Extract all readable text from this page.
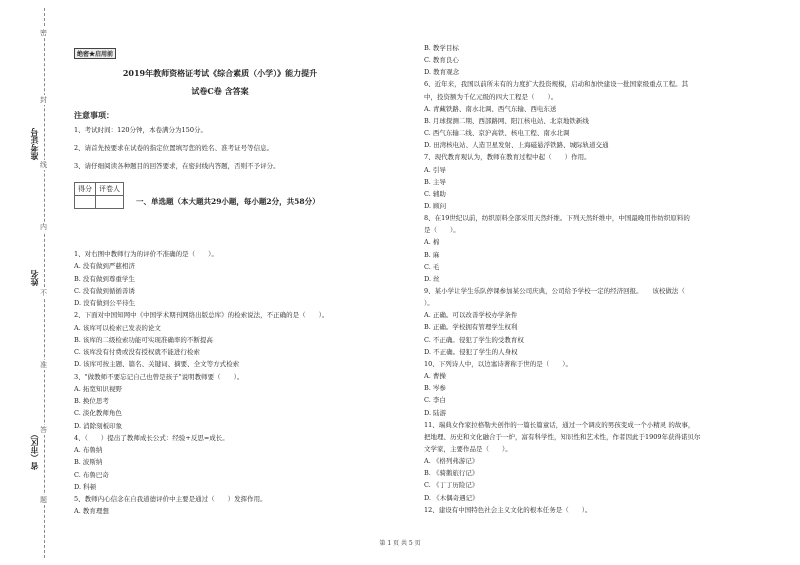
准考证号
姓名
省（市区）
密
封
线
内
不
准
答
题
绝密★启用前
2019年教师资格证考试《综合素质（小学）》能力提升
试卷C卷 含答案
注意事项：
1、考试时间：120分钟，本卷满分为150分。
2、请首先按要求在试卷的指定位置填写您的姓名、准考证号等信息。
3、请仔细阅读各种题目的回答要求，在密封线内答题，否则不予评分。
得分	评卷人

一、单选题（本大题共29小题，每小题2分，共58分）
1、对右图中教师行为的评价不准确的是（　　）。
A. 没有做到严慈相济
B. 没有做到尊重学生
C. 没有做到循循善诱
D. 没有做到公平待生
2、下面对中国知网中《中国学术期刊网络出版总库》的检索说法，不正确的是（　　）。
A. 该库可以检索已发表的论文
B. 该库的二级检索功能可实现准确率的不断提高
C. 该库没有付费或没有授权就不能进行检索
D. 该库可按主题、篇名、关键词、摘要、全文等方式检索
3、"做教师不要忘记自己也曾是孩子"说明教师要（　　）。
A. 拓宽知识视野
B. 换位思考
C. 淡化教师角色
D. 消除刻板印象
4、（　　）提出了教师成长公式：经验+反思=成长。
A. 布鲁纳
B. 波斯纳
C. 布鲁巴奇
D. 科顿
5、教师内心信念在自我道德评价中主要是通过（　　）发挥作用。
A. 教育理想
B. 教学目标
C. 教育良心
D. 教育观念
6、近年来，我国以前所未有的力度扩大投资规模，启动和加快建设一批国家级重点工程。其
中，投资额为千亿元级的四大工程是（　　）。
A. 青藏铁路、南水北调、西气东输、西电东送
B. 月球探测二期、西部路网、阳江核电站、北京地铁新线
C. 西气东输二线、京沪高铁、核电工程、南水北调
D. 田湾核电站、人造卫星发射、上海磁悬浮铁路、城际轨道交通
7、现代教育观认为，教师在教育过程中起（　　）作用。
A. 引导
B. 主导
C. 辅助
D. 顾问
8、在19世纪以前，纺织原料全部采用天然纤维。下列天然纤维中，中国最晚用作纺织原料的
是（　　）。
A. 棉
B. 麻
C. 毛
D. 丝
9、某小学让学生乐队停课参加某公司庆典，公司给予学校一定的经济回报。　　该校做法（
）。
A. 正确。可以改善学校办学条件
B. 正确。学校拥有管理学生权利
C. 不正确。侵犯了学生的受教育权
D. 不正确。侵犯了学生的人身权
10、下列诗人中，以边塞诗著称于世的是（　　）。
A. 曹操
B. 岑参
C. 李白
D. 陆游
11、瑞典女作家拉格勒夫创作的一篇长篇童话，通过一个调皮的男孩变成一个小精灵 的故事，
把地理、历史和文化融合于一炉，富有科学性，知识性和艺术性，作者因此于1909年获得诺贝尔
文学家，主要作品是（　　）。
A. 《格列弗游记》
B. 《骑鹅旅行记》
C. 《丁丁历险记》
D. 《木偶奇遇记》
12、建设有中国特色社会主义文化的根本任务是（　　）。
第 1 页 共 5 页
